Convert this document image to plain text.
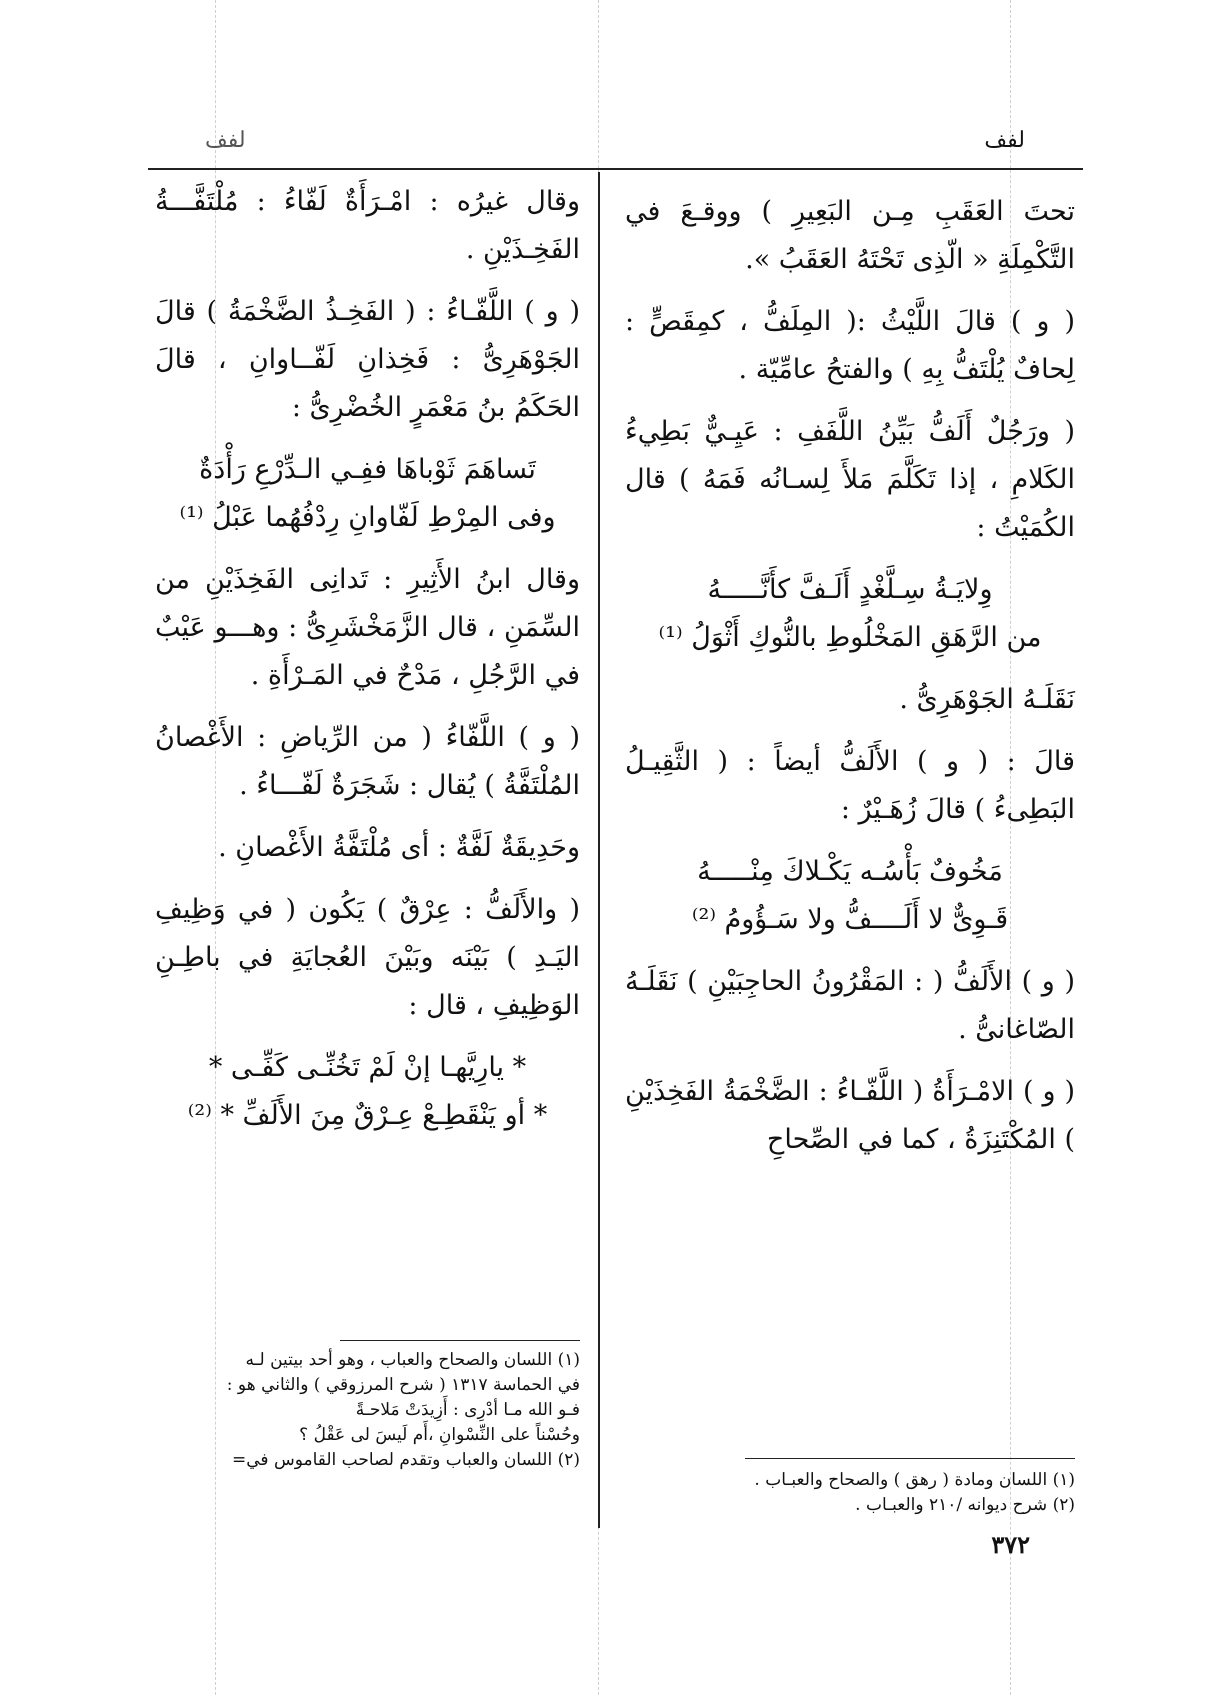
لفف
لفف

تحتَ العَقَبِ مِـن البَعِيرِ ) ووقـعَ في التَّكْمِلَةِ « الّذِى تَحْتَهُ العَقَبُ ».

( و ) قالَ اللَّيْثُ :( المِلَفُّ ، كمِقَصٍّ : لِحافٌ يُلْتَفُّ بِهِ ) والفتحُ عامِّيّة .

( ورَجُلٌ أَلَفُّ بَيِّنُ اللَّفَفِ : عَيِـيٌّ بَطِيءُ الكَلامِ ، إذا تَكَلَّمَ مَلأَ لِسـانُه فَمَهُ ) قال الكُمَيْتُ :

وِلايَـةُ سِـلَّغْدٍ أَلَـفَّ كأَنَّـــــهُ
من الرَّهَقِ المَخْلُوطِ بالنُّوكِ أَثْوَلُ ⁽¹⁾

نَقَلَـهُ الجَوْهَرِىُّ .

قالَ : ( و ) الأَلَفُّ أيضاً : ( الثَّقِيـلُ البَطِىءُ ) قالَ زُهَـيْرٌ :

مَخُوفٌ بَأْسُـه يَكْـلاكَ مِنْـــــهُ
قَـوِىٌّ لا أَلَــــفُّ ولا سَـؤُومُ ⁽²⁾

( و ) الأَلَفُّ ( : المَقْرُونُ الحاجِبَيْنِ ) نَقَلَـهُ الصّاغانىُّ .

( و ) الامْـرَأَةُ ( اللَّفّـاءُ : الضَّخْمَةُ الفَخِذَيْنِ ) المُكْتَنِزَةُ ، كما في الصِّحاحِ

وقال غيرُه : امْـرَأَةٌ لَفّاءُ : مُلْتَفَّـــةُ الفَخِـذَيْنِ .

( و ) اللَّفّـاءُ : ( الفَخِـذُ الضَّخْمَةُ ) قالَ الجَوْهَرِىُّ : فَخِذانِ لَفّــاوانِ ، قالَ الحَكَمُ بنُ مَعْمَرٍ الخُضْرِىُّ :

تَساهَمَ ثَوْباهَا ففِـي الـدِّرْعِ رَأْدَةٌ
وفى المِرْطِ لَفّاوانِ رِدْفُهُما عَبْلُ ⁽¹⁾

وقال ابنُ الأَثِيرِ : تَدانِى الفَخِذَيْنِ من السِّمَنِ ، قال الزَّمَخْشَرِىُّ : وهـــو عَيْبٌ في الرَّجُلِ ، مَدْحٌ في المَـرْأَةِ .

( و ) اللَّفّاءُ ( من الرِّياضِ : الأَغْصانُ المُلْتَفَّةُ ) يُقال : شَجَرَةٌ لَفّـــاءُ .

وحَدِيقَةٌ لَفَّةٌ : أى مُلْتَفَّةُ الأَغْصانِ .

( والأَلَفُّ : عِرْقٌ ) يَكُون ( في وَظِيفِ اليَـدِ ) بَيْنَه وبَيْنَ العُجايَةِ في باطِـنِ الوَظِيفِ ، قال :

* يارِيَّهـا إنْ لَمْ تَخُنِّـى كَفِّـى *
* أو يَنْقَطِـعْ عِـرْقٌ مِنَ الأَلَفِّ * ⁽²⁾
(١) اللسان ومادة ( رهق ) والصحاح والعبـاب .
(٢) شرح ديوانه /٢١٠ والعبـاب .
(١) اللسان والصحاح والعباب ، وهو أحد بيتين لـه
في الحماسة ١٣١٧ ( شرح المرزوقي ) والثاني هو :
فـو الله مـا أدْرِى : أَزِيدَتْ مَلاحـةً
وحُسْناً على النِّسْوانِ ،أَم لَيسَ لى عَقْلُ ؟
(٢) اللسان والعباب وتقدم لصاحب القاموس في=
٣٧٢
